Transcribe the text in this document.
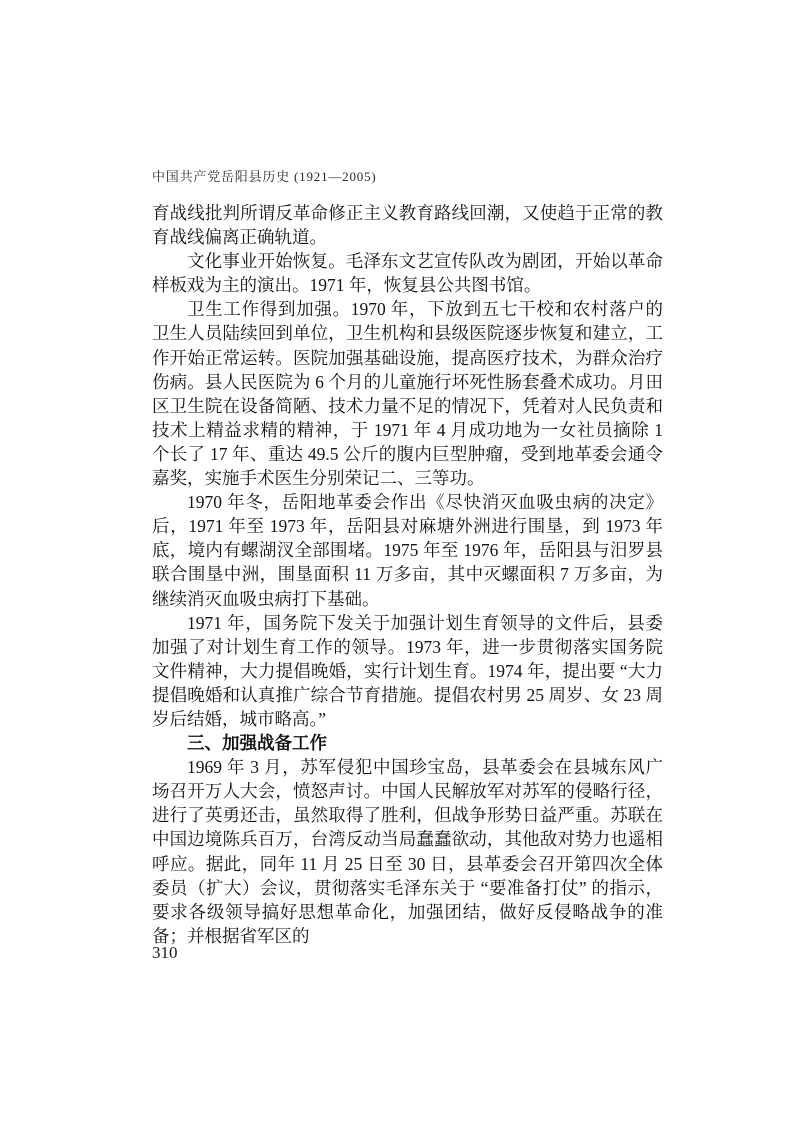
中国共产党岳阳县历史 (1921—2005)

育战线批判所谓反革命修正主义教育路线回潮，又使趋于正常的教育战线偏离正确轨道。

文化事业开始恢复。毛泽东文艺宣传队改为剧团，开始以革命样板戏为主的演出。1971 年，恢复县公共图书馆。

卫生工作得到加强。1970 年，下放到五七干校和农村落户的卫生人员陆续回到单位，卫生机构和县级医院逐步恢复和建立，工作开始正常运转。医院加强基础设施，提高医疗技术，为群众治疗伤病。县人民医院为 6 个月的儿童施行坏死性肠套叠术成功。月田区卫生院在设备简陋、技术力量不足的情况下，凭着对人民负责和技术上精益求精的精神，于 1971 年 4 月成功地为一女社员摘除 1 个长了 17 年、重达 49.5 公斤的腹内巨型肿瘤，受到地革委会通令嘉奖，实施手术医生分别荣记二、三等功。

1970 年冬，岳阳地革委会作出《尽快消灭血吸虫病的决定》后，1971 年至 1973 年，岳阳县对麻塘外洲进行围垦，到 1973 年底，境内有螺湖汊全部围堵。1975 年至 1976 年，岳阳县与汨罗县联合围垦中洲，围垦面积 11 万多亩，其中灭螺面积 7 万多亩，为继续消灭血吸虫病打下基础。

1971 年，国务院下发关于加强计划生育领导的文件后，县委加强了对计划生育工作的领导。1973 年，进一步贯彻落实国务院文件精神，大力提倡晚婚，实行计划生育。1974 年，提出要 “大力提倡晚婚和认真推广综合节育措施。提倡农村男 25 周岁、女 23 周岁后结婚，城市略高。”

三、加强战备工作

1969 年 3 月，苏军侵犯中国珍宝岛，县革委会在县城东风广场召开万人大会，愤怒声讨。中国人民解放军对苏军的侵略行径，进行了英勇还击，虽然取得了胜利，但战争形势日益严重。苏联在中国边境陈兵百万，台湾反动当局蠢蠢欲动，其他敌对势力也遥相呼应。据此，同年 11 月 25 日至 30 日，县革委会召开第四次全体委员（扩大）会议，贯彻落实毛泽东关于 “要准备打仗” 的指示，要求各级领导搞好思想革命化，加强团结，做好反侵略战争的准备；并根据省军区的

310
